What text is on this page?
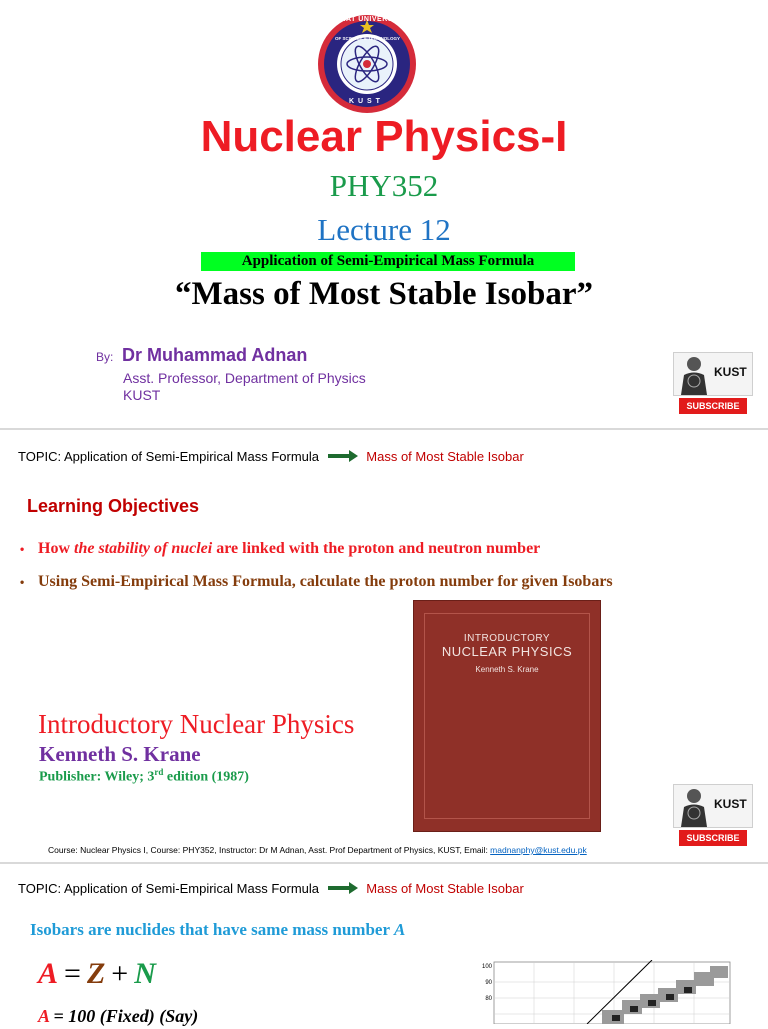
KOHAT UNIVERSITY
OF SCIENCE & TECHNOLOGY
K U S T
Nuclear Physics-I
PHY352
Lecture 12
Application of Semi-Empirical Mass Formula
“Mass of Most Stable Isobar”
By: Dr Muhammad Adnan
Asst. Professor, Department of Physics
KUST
KUST
SUBSCRIBE
TOPIC: Application of Semi-Empirical Mass Formula	Mass of Most Stable Isobar
Learning Objectives
• How the stability of nuclei are linked with the proton and neutron number
• Using Semi-Empirical Mass Formula, calculate the proton number for given Isobars
INTRODUCTORY
NUCLEAR PHYSICS
Kenneth S. Krane
Introductory Nuclear Physics
Kenneth S. Krane
Publisher: Wiley; 3rd edition (1987)
KUST
SUBSCRIBE
Course: Nuclear Physics I, Course: PHY352, Instructor: Dr M Adnan, Asst. Prof Department of Physics, KUST, Email: madnanphy@kust.edu.pk
TOPIC: Application of Semi-Empirical Mass Formula	Mass of Most Stable Isobar
Isobars are nuclides that have same mass number A
A = Z + N
A = 100 (Fixed) (Say)
100
90
80
